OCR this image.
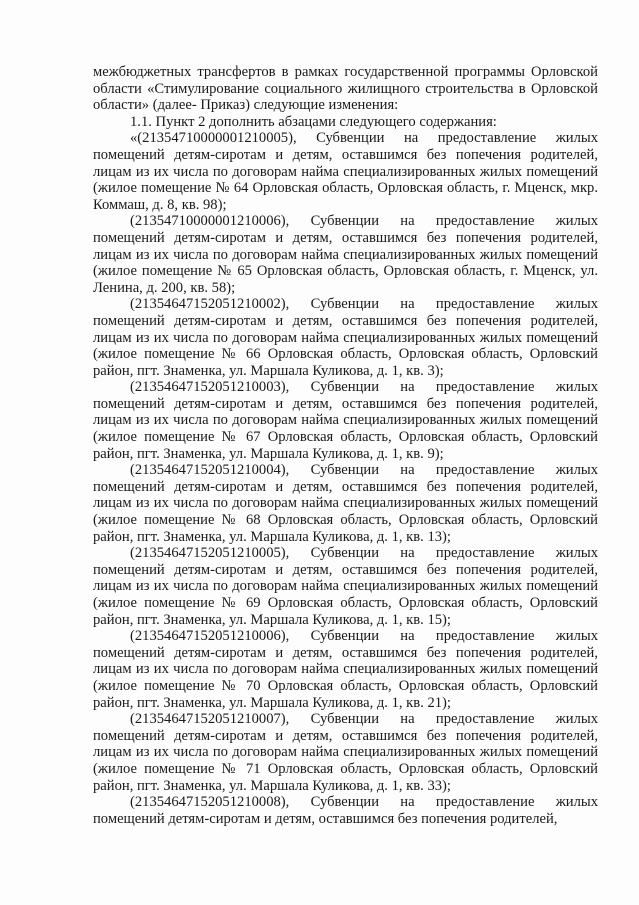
межбюджетных трансфертов в рамках государственной программы Орловской области «Стимулирование социального жилищного строительства в Орловской области» (далее- Приказ) следующие изменения:

1.1. Пункт 2 дополнить абзацами следующего содержания:

«(21354710000001210005), Субвенции на предоставление жилых помещений детям-сиротам и детям, оставшимся без попечения родителей, лицам из их числа по договорам найма специализированных жилых помещений (жилое помещение № 64 Орловская область, Орловская область, г. Мценск, мкр. Коммаш, д. 8, кв. 98);

(21354710000001210006), Субвенции на предоставление жилых помещений детям-сиротам и детям, оставшимся без попечения родителей, лицам из их числа по договорам найма специализированных жилых помещений (жилое помещение № 65 Орловская область, Орловская область, г. Мценск, ул. Ленина, д. 200, кв. 58);

(21354647152051210002), Субвенции на предоставление жилых помещений детям-сиротам и детям, оставшимся без попечения родителей, лицам из их числа по договорам найма специализированных жилых помещений (жилое помещение № 66 Орловская область, Орловская область, Орловский район, пгт. Знаменка, ул. Маршала Куликова, д. 1, кв. 3);

(21354647152051210003), Субвенции на предоставление жилых помещений детям-сиротам и детям, оставшимся без попечения родителей, лицам из их числа по договорам найма специализированных жилых помещений (жилое помещение № 67 Орловская область, Орловская область, Орловский район, пгт. Знаменка, ул. Маршала Куликова, д. 1, кв. 9);

(21354647152051210004), Субвенции на предоставление жилых помещений детям-сиротам и детям, оставшимся без попечения родителей, лицам из их числа по договорам найма специализированных жилых помещений (жилое помещение № 68 Орловская область, Орловская область, Орловский район, пгт. Знаменка, ул. Маршала Куликова, д. 1, кв. 13);

(21354647152051210005), Субвенции на предоставление жилых помещений детям-сиротам и детям, оставшимся без попечения родителей, лицам из их числа по договорам найма специализированных жилых помещений (жилое помещение № 69 Орловская область, Орловская область, Орловский район, пгт. Знаменка, ул. Маршала Куликова, д. 1, кв. 15);

(21354647152051210006), Субвенции на предоставление жилых помещений детям-сиротам и детям, оставшимся без попечения родителей, лицам из их числа по договорам найма специализированных жилых помещений (жилое помещение № 70 Орловская область, Орловская область, Орловский район, пгт. Знаменка, ул. Маршала Куликова, д. 1, кв. 21);

(21354647152051210007), Субвенции на предоставление жилых помещений детям-сиротам и детям, оставшимся без попечения родителей, лицам из их числа по договорам найма специализированных жилых помещений (жилое помещение № 71 Орловская область, Орловская область, Орловский район, пгт. Знаменка, ул. Маршала Куликова, д. 1, кв. 33);

(21354647152051210008), Субвенции на предоставление жилых помещений детям-сиротам и детям, оставшимся без попечения родителей,
